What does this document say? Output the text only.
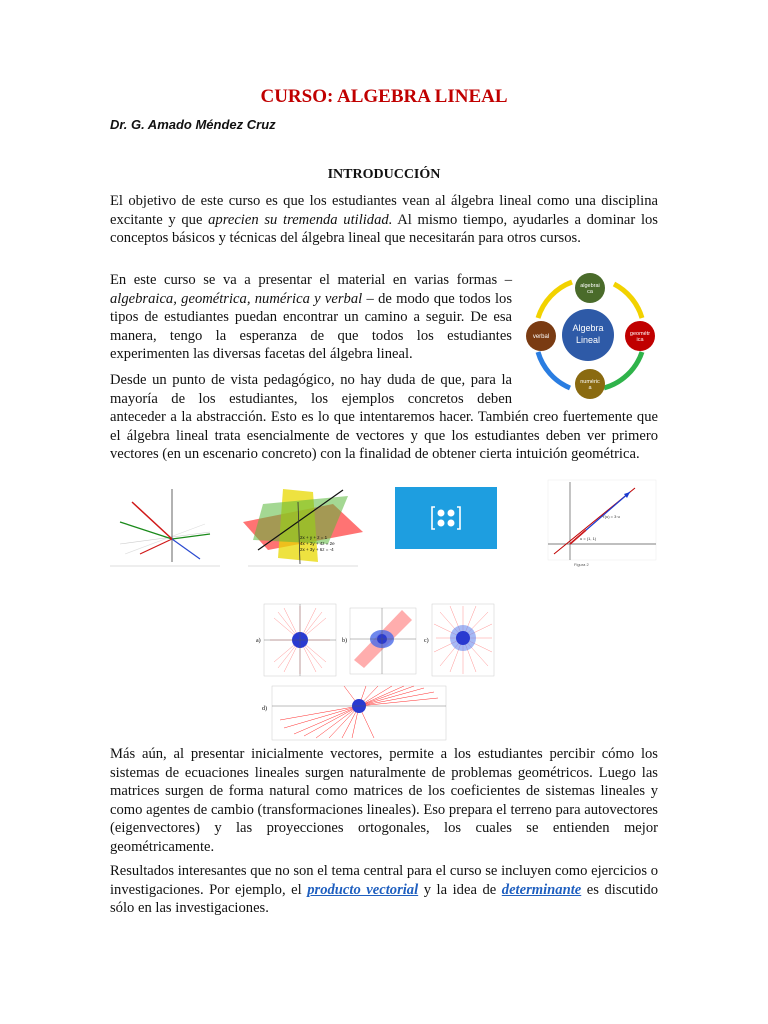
CURSO: ALGEBRA LINEAL
Dr. G. Amado Méndez Cruz
INTRODUCCIÓN
El objetivo de este curso es que los estudiantes vean al álgebra lineal como una disciplina excitante y que aprecien su tremenda utilidad. Al mismo tiempo, ayudarles a dominar los conceptos básicos y técnicas del álgebra lineal que necesitarán para otros cursos.
En este curso se va a presentar el material en varias formas – algebraica, geométrica, numérica y verbal – de modo que todos los tipos de estudiantes puedan encontrar un camino a seguir. De esa manera, tengo la esperanza de que todos los estudiantes experimenten las diversas facetas del álgebra lineal.
Algebra
Lineal
algebrai
ca
geométr
ica
numéric
a
verbal
Desde un punto de vista pedagógico, no hay duda de que, para la
mayoría de los estudiantes, los ejemplos concretos deben
anteceder a la abstracción. Esto es lo que intentaremos hacer. También creo fuertemente que el álgebra lineal trata esencialmente de vectores y que los estudiantes deben ver primero vectores (en un escenario concreto) con la finalidad de obtener cierta intuición geométrica.
2x + y + z = 1
4x + 2y + 4z = 2e
2x + 3y + 6z = -4
Y(u) = 3·u
u = (1, 1)
Figura 2
a)	b)	c)
d)
Más aún, al presentar inicialmente vectores, permite a los estudiantes percibir cómo los sistemas de ecuaciones lineales surgen naturalmente de problemas geométricos. Luego las matrices surgen de forma natural como matrices de los coeficientes de sistemas lineales y como agentes de cambio (transformaciones lineales). Eso prepara el terreno para autovectores (eigenvectores) y las proyecciones ortogonales, los cuales se entienden mejor geométricamente.
Resultados interesantes que no son el tema central para el curso se incluyen como ejercicios o investigaciones. Por ejemplo, el producto vectorial y la idea de determinante es discutido sólo en las investigaciones.
